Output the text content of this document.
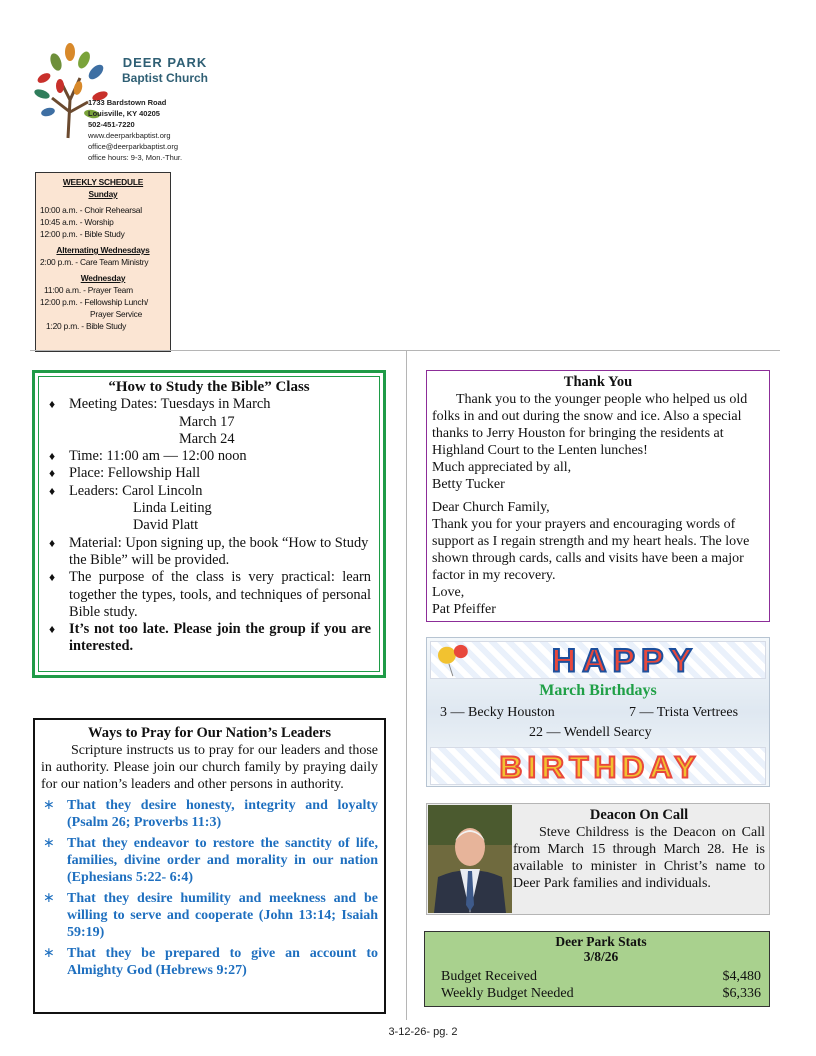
DEER PARK
Baptist Church
1733 Bardstown Road
Louisville, KY 40205
502-451-7220
www.deerparkbaptist.org
office@deerparkbaptist.org
office hours: 9-3, Mon.-Thur.
WEEKLY SCHEDULE
Sunday
10:00 a.m. - Choir Rehearsal
10:45 a.m. - Worship
12:00 p.m. - Bible Study
Alternating Wednesdays
2:00 p.m. - Care Team Ministry
Wednesday
11:00 a.m. - Prayer Team
12:00 p.m. - Fellowship Lunch/
Prayer Service
1:20 p.m. - Bible Study
“How to Study the Bible” Class
♦ Meeting Dates: Tuesdays in March
March 17
March 24
♦ Time: 11:00 am — 12:00 noon
♦ Place: Fellowship Hall
♦ Leaders: Carol Lincoln
Linda Leiting
David Platt
♦ Material: Upon signing up, the book “How to Study the Bible” will be provided.
♦ The purpose of the class is very practical: learn together the types, tools, and techniques of personal Bible study.
♦ It’s not too late. Please join the group if you are interested.
Ways to Pray for Our Nation’s Leaders
Scripture instructs us to pray for our leaders and those in authority. Please join our church family by praying daily for our nation’s leaders and other persons in authority.
∗ That they desire honesty, integrity and loyalty (Psalm 26; Proverbs 11:3)
∗ That they endeavor to restore the sanctity of life, families, divine order and morality in our nation (Ephesians 5:22- 6:4)
∗ That they desire humility and meekness and be willing to serve and cooperate (John 13:14; Isaiah 59:19)
∗ That they be prepared to give an account to Almighty God (Hebrews 9:27)
Thank You
Thank you to the younger people who helped us old folks in and out during the snow and ice. Also a special thanks to Jerry Houston for bringing the residents at Highland Court to the Lenten lunches!
Much appreciated by all,
Betty Tucker
Dear Church Family,
Thank you for your prayers and encouraging words of support as I regain strength and my heart heals. The love shown through cards, calls and visits have been a major factor in my recovery.
Love,
Pat Pfeiffer
HAPPY
March Birthdays
3 — Becky Houston	7 — Trista Vertrees
22 — Wendell Searcy
BIRTHDAY
Deacon On Call
Steve Childress is the Deacon on Call from March 15 through March 28. He is available to minister in Christ’s name to Deer Park families and individuals.
Deer Park Stats
3/8/26
Budget Received	$4,480
Weekly Budget Needed	$6,336
3-12-26- pg. 2
